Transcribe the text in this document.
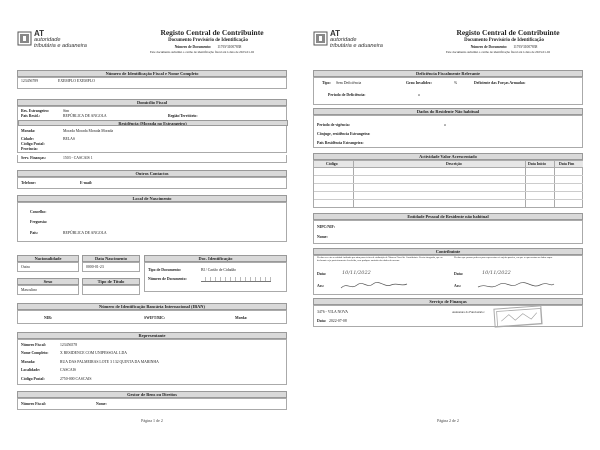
AT
autoridade
tributária e aduaneira
Registo Central de Contribuinte
Documento Provisório de Identificação
Número de Documento: 1176V31007838
Este documento substitui o cartão de identificação fiscal até à data de 2023-01-02
Número de Identificação Fiscal e Nome Completo
123456789	EXEMPLO EXEMPLO
Domicílio Fiscal
Res. Estrangeiro:	Sim
País Resid.:	REPÚBLICA DE ANGOLA	Região/Território:
Residência (Morada no Estrangeiro)
Morada:	Morada Morada Morada Morada
Cidade:	BELAS
Código Postal:
Província:
Serv. Finanças:	1503 - CASCAIS 1
Outros Contactos
Telefone:	E-mail:
Local de Nascimento
Concelho:
Freguesia:
País:	REPÚBLICA DE ANGOLA
Nacionalidade
Outra
Data Nascimento
0000-01-23
Doc. Identificação
Tipo de Documento:	BI / Cartão de Cidadão
Número de Documento:
Sexo
Masculino
Tipo de Título
Número de Identificação Bancária Internacional (IBAN)
NIB:	SWIFT/BIC:	Moeda:
Representante
Número Fiscal:	123456578
Nome Completo:	X RESIDENCE COM UNIPESSOAL LDA
Morada:	RUA DAS PALMEIRAS LOTE 3 132 QUINTA DA MARINHA
Localidade:	CASCAIS
Código Postal:	2750-000 CASCAIS
Gestor de Bens ou Direitos
Número Fiscal:	Nome:
Página 1 de 2
AT
autoridade
tributária e aduaneira
Registo Central de Contribuinte
Documento Provisório de Identificação
Número de Documento: 1176V31007838
Este documento substitui o cartão de identificação fiscal até à data de 2023-01-02
Deficiência Fiscalmente Relevante
Tipo: Sem Deficiência	Grau Invalidez:	%	Deficiente das Forças Armadas:
Período de Deficiência:	a
Dados do Residente Não habitual
Período de vigência:	a
Cônjuge, residência Estrangeira:
País Residência Estrangeira:
Actividade Valor Acrescentado
Código	Descrição	Data Início	Data Fim
Entidade Pessoal de Residente não habitual
NIPC/NIF:
Nome:
Contribuinte
Declaro ser esta a entidade indicada por mim para efeitos de atribuição de Número Fiscal de Contribuinte. Presto fotografia, que ao declarante seja posteriormente devolvido, sem qualquer omissão dos dados do mesmo.
Declaro que possuo poderes para representar o/a sujeito passivo, em que se apresentam os dados supra.
Data:	10/11/2022	Data:	10/11/2022
Ass:	Ass:
Serviço de Finanças
3476 - VILA NOVA
Data: 2022-07-08
Assinatura do Funcionário:
Página 2 de 2
